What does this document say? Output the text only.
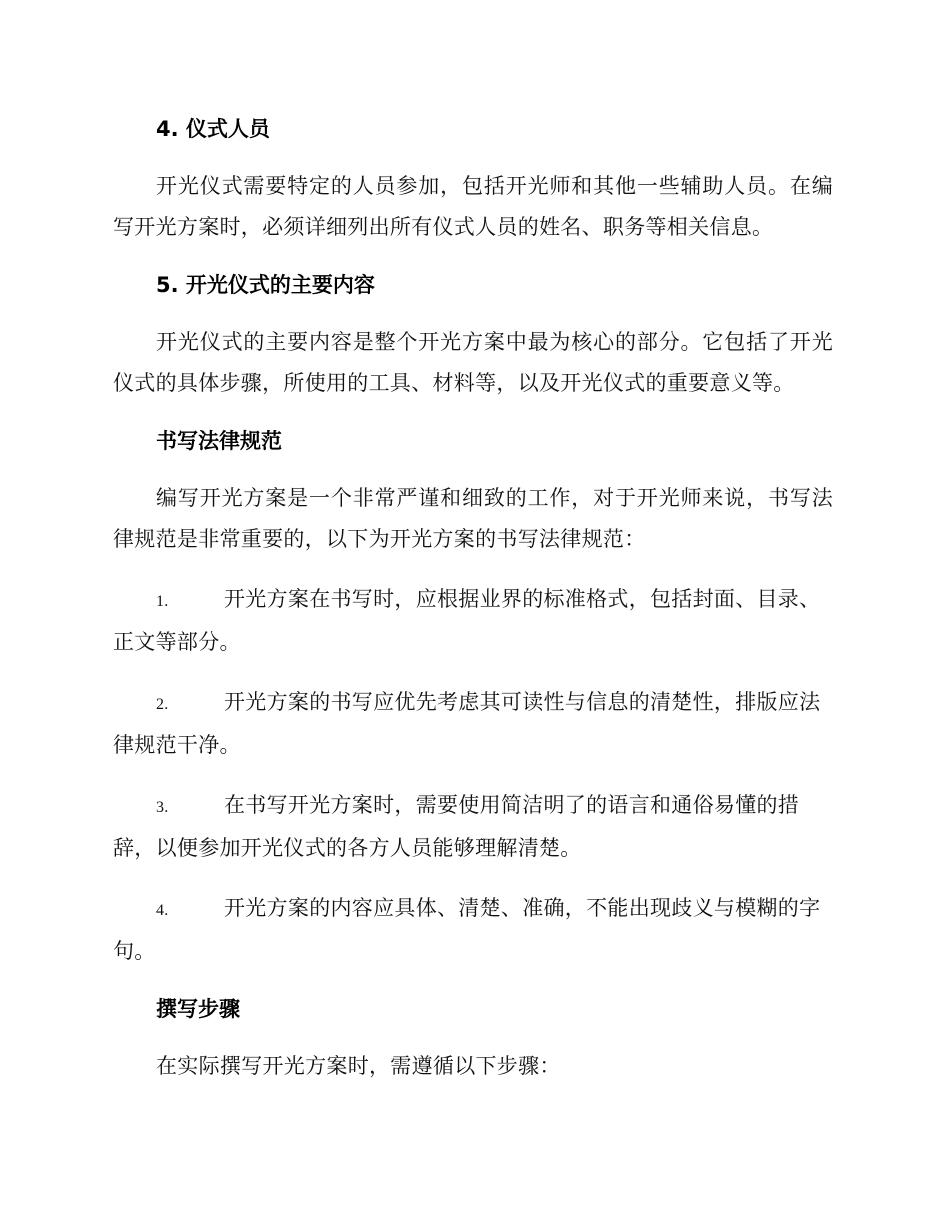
4. 仪式人员

开光仪式需要特定的人员参加，包括开光师和其他一些辅助人员。在编写开光方案时，必须详细列出所有仪式人员的姓名、职务等相关信息。

5. 开光仪式的主要内容

开光仪式的主要内容是整个开光方案中最为核心的部分。它包括了开光仪式的具体步骤，所使用的工具、材料等，以及开光仪式的重要意义等。

书写法律规范

编写开光方案是一个非常严谨和细致的工作，对于开光师来说，书写法律规范是非常重要的，以下为开光方案的书写法律规范：

1.	开光方案在书写时，应根据业界的标准格式，包括封面、目录、正文等部分。

2.	开光方案的书写应优先考虑其可读性与信息的清楚性，排版应法律规范干净。

3.	在书写开光方案时，需要使用简洁明了的语言和通俗易懂的措辞，以便参加开光仪式的各方人员能够理解清楚。

4.	开光方案的内容应具体、清楚、准确，不能出现歧义与模糊的字句。

撰写步骤

在实际撰写开光方案时，需遵循以下步骤：
